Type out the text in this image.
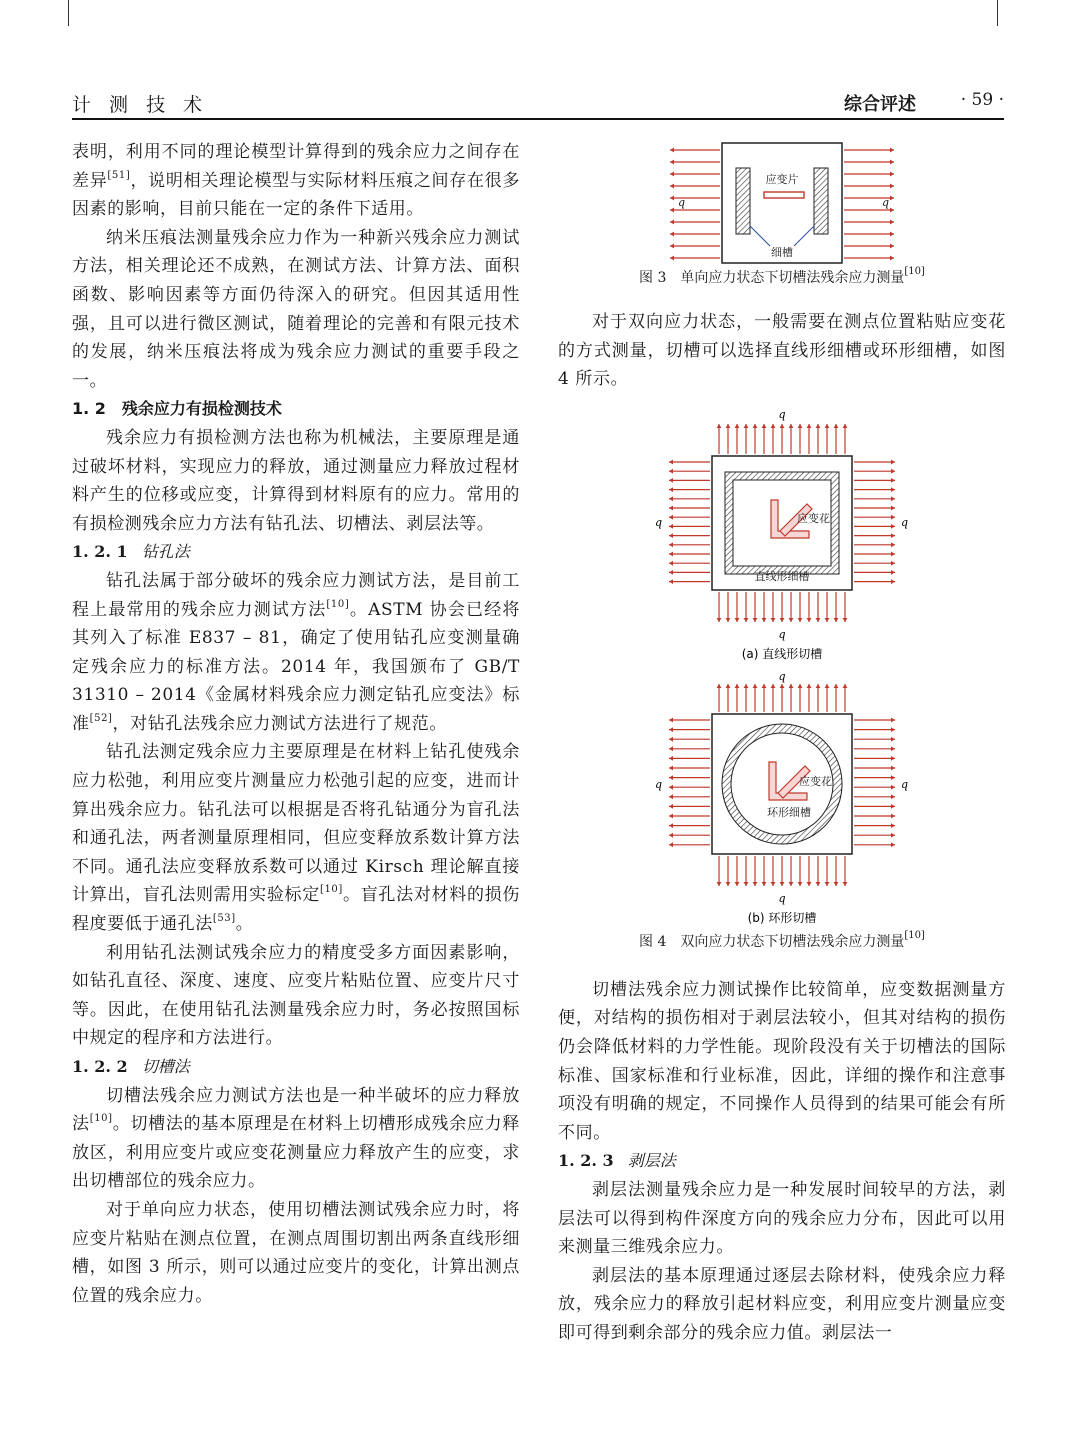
计 测 技 术	综合评述	· 59 ·

表明，利用不同的理论模型计算得到的残余应力之间存在差异[51]，说明相关理论模型与实际材料压痕之间存在很多因素的影响，目前只能在一定的条件下适用。

纳米压痕法测量残余应力作为一种新兴残余应力测试方法，相关理论还不成熟，在测试方法、计算方法、面积函数、影响因素等方面仍待深入的研究。但因其适用性强，且可以进行微区测试，随着理论的完善和有限元技术的发展，纳米压痕法将成为残余应力测试的重要手段之一。

1. 2　残余应力有损检测技术

残余应力有损检测方法也称为机械法，主要原理是通过破坏材料，实现应力的释放，通过测量应力释放过程材料产生的位移或应变，计算得到材料原有的应力。常用的有损检测残余应力方法有钻孔法、切槽法、剥层法等。

1. 2. 1 钻孔法

钻孔法属于部分破坏的残余应力测试方法，是目前工程上最常用的残余应力测试方法[10]。ASTM 协会已经将其列入了标准 E837 – 81，确定了使用钻孔应变测量确定残余应力的标准方法。2014 年，我国颁布了 GB/T 31310 – 2014《金属材料残余应力测定钻孔应变法》标准[52]，对钻孔法残余应力测试方法进行了规范。

钻孔法测定残余应力主要原理是在材料上钻孔使残余应力松弛，利用应变片测量应力松弛引起的应变，进而计算出残余应力。钻孔法可以根据是否将孔钻通分为盲孔法和通孔法，两者测量原理相同，但应变释放系数计算方法不同。通孔法应变释放系数可以通过 Kirsch 理论解直接计算出，盲孔法则需用实验标定[10]。盲孔法对材料的损伤程度要低于通孔法[53]。

利用钻孔法测试残余应力的精度受多方面因素影响，如钻孔直径、深度、速度、应变片粘贴位置、应变片尺寸等。因此，在使用钻孔法测量残余应力时，务必按照国标中规定的程序和方法进行。

1. 2. 2 切槽法

切槽法残余应力测试方法也是一种半破坏的应力释放法[10]。切槽法的基本原理是在材料上切槽形成残余应力释放区，利用应变片或应变花测量应力释放产生的应变，求出切槽部位的残余应力。

对于单向应力状态，使用切槽法测试残余应力时，将应变片粘贴在测点位置，在测点周围切割出两条直线形细槽，如图 3 所示，则可以通过应变片的变化，计算出测点位置的残余应力。

应变片
细槽
q	q

图 3　单向应力状态下切槽法残余应力测量[10]

对于双向应力状态，一般需要在测点位置粘贴应变花的方式测量，切槽可以选择直线形细槽或环形细槽，如图 4 所示。

应变花
直线形细槽
q
q
q	q
(a) 直线形切槽
应变花
环形细槽
q
q
q	q
(b) 环形切槽

图 4　双向应力状态下切槽法残余应力测量[10]

切槽法残余应力测试操作比较简单，应变数据测量方便，对结构的损伤相对于剥层法较小，但其对结构的损伤仍会降低材料的力学性能。现阶段没有关于切槽法的国际标准、国家标准和行业标准，因此，详细的操作和注意事项没有明确的规定，不同操作人员得到的结果可能会有所不同。

1. 2. 3 剥层法

剥层法测量残余应力是一种发展时间较早的方法，剥层法可以得到构件深度方向的残余应力分布，因此可以用来测量三维残余应力。

剥层法的基本原理通过逐层去除材料，使残余应力释放，残余应力的释放引起材料应变，利用应变片测量应变即可得到剩余部分的残余应力值。剥层法一
